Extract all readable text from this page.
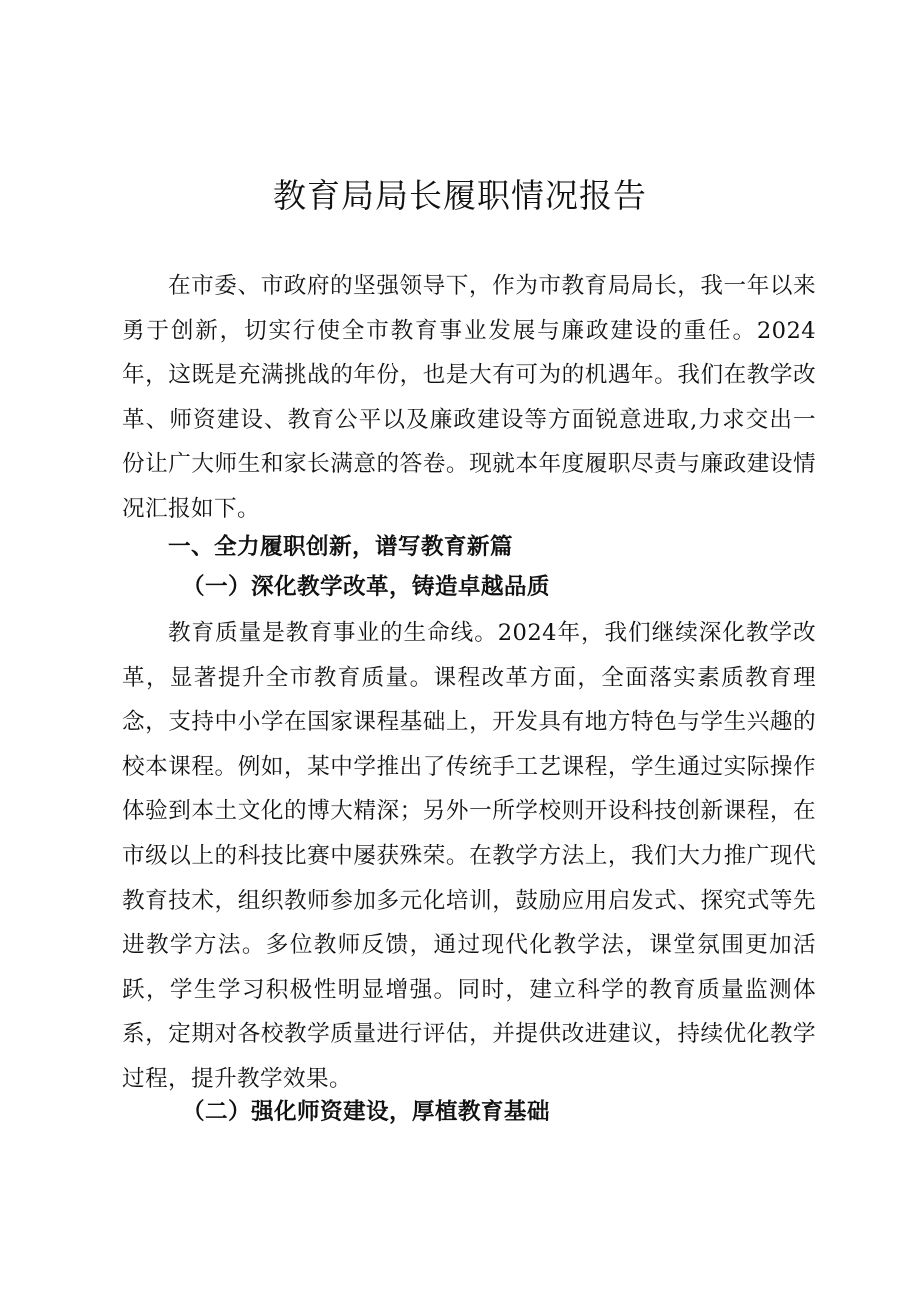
教育局局长履职情况报告

在市委、市政府的坚强领导下，作为市教育局局长，我一年以来勇于创新，切实行使全市教育事业发展与廉政建设的重任。2024年，这既是充满挑战的年份，也是大有可为的机遇年。我们在教学改革、师资建设、教育公平以及廉政建设等方面锐意进取,力求交出一份让广大师生和家长满意的答卷。现就本年度履职尽责与廉政建设情况汇报如下。

一、全力履职创新，谱写教育新篇
（一）深化教学改革，铸造卓越品质

教育质量是教育事业的生命线。2024年，我们继续深化教学改革，显著提升全市教育质量。课程改革方面，全面落实素质教育理念，支持中小学在国家课程基础上，开发具有地方特色与学生兴趣的校本课程。例如，某中学推出了传统手工艺课程，学生通过实际操作体验到本土文化的博大精深；另外一所学校则开设科技创新课程，在市级以上的科技比赛中屡获殊荣。在教学方法上，我们大力推广现代教育技术，组织教师参加多元化培训，鼓励应用启发式、探究式等先进教学方法。多位教师反馈，通过现代化教学法，课堂氛围更加活跃，学生学习积极性明显增强。同时，建立科学的教育质量监测体系，定期对各校教学质量进行评估，并提供改进建议，持续优化教学过程，提升教学效果。

（二）强化师资建设，厚植教育基础
